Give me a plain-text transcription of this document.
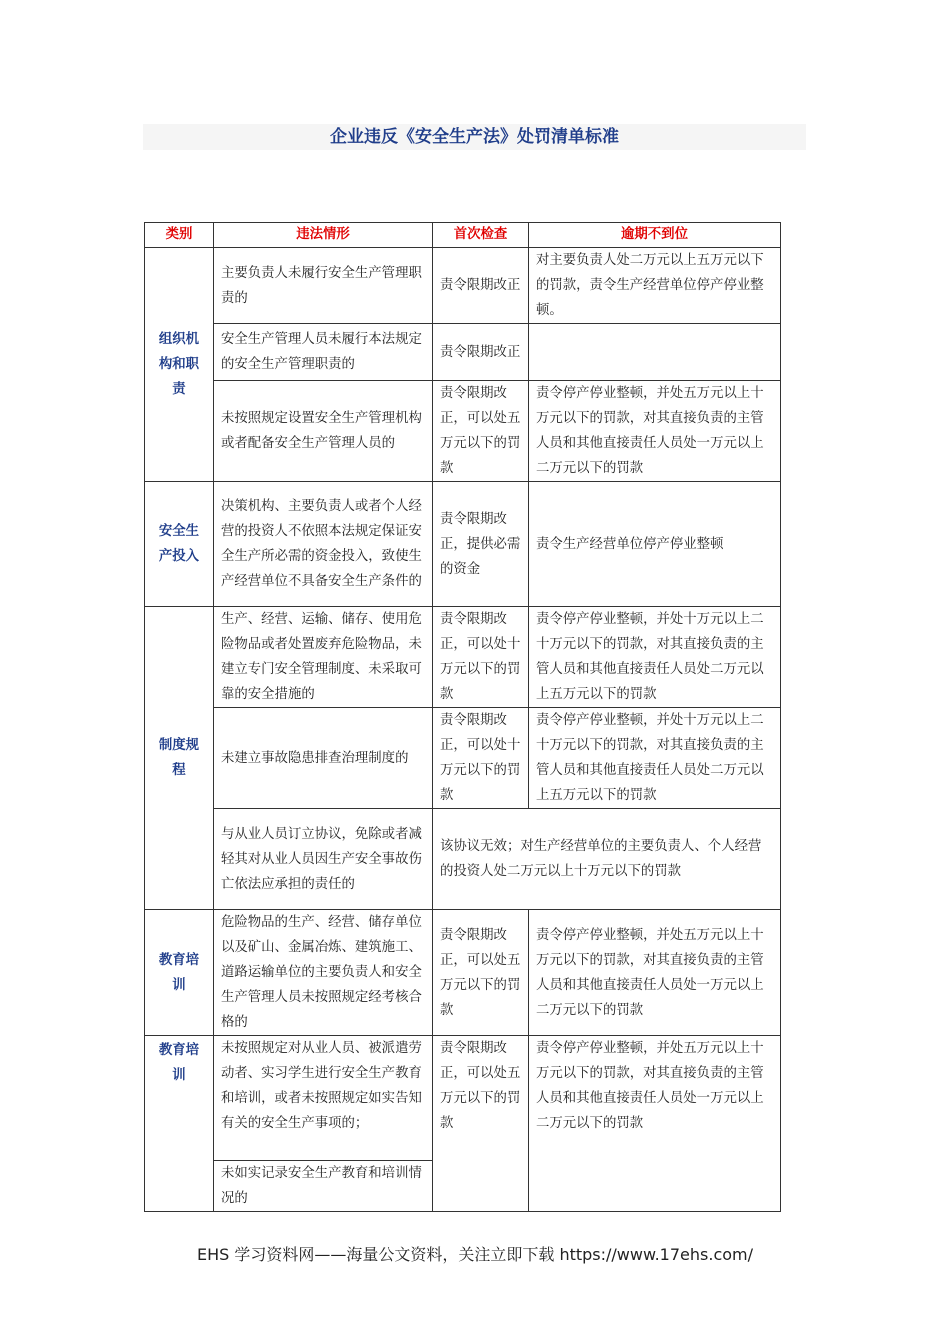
企业违反《安全生产法》处罚清单标准
类别	违法情形	首次检查	逾期不到位
组织机构和职责	主要负责人未履行安全生产管理职责的	责令限期改正	对主要负责人处二万元以上五万元以下的罚款，责令生产经营单位停产停业整顿。
	安全生产管理人员未履行本法规定的安全生产管理职责的	责令限期改正	
	未按照规定设置安全生产管理机构或者配备安全生产管理人员的	责令限期改正，可以处五万元以下的罚款	责令停产停业整顿，并处五万元以上十万元以下的罚款，对其直接负责的主管人员和其他直接责任人员处一万元以上二万元以下的罚款
安全生产投入	决策机构、主要负责人或者个人经营的投资人不依照本法规定保证安全生产所必需的资金投入，致使生产经营单位不具备安全生产条件的	责令限期改正，提供必需的资金	责令生产经营单位停产停业整顿
制度规程	生产、经营、运输、储存、使用危险物品或者处置废弃危险物品，未建立专门安全管理制度、未采取可靠的安全措施的	责令限期改正，可以处十万元以下的罚款	责令停产停业整顿，并处十万元以上二十万元以下的罚款，对其直接负责的主管人员和其他直接责任人员处二万元以上五万元以下的罚款
	未建立事故隐患排查治理制度的	责令限期改正，可以处十万元以下的罚款	责令停产停业整顿，并处十万元以上二十万元以下的罚款，对其直接负责的主管人员和其他直接责任人员处二万元以上五万元以下的罚款
	与从业人员订立协议，免除或者减轻其对从业人员因生产安全事故伤亡依法应承担的责任的	该协议无效；对生产经营单位的主要负责人、个人经营的投资人处二万元以上十万元以下的罚款	
教育培训	危险物品的生产、经营、储存单位以及矿山、金属冶炼、建筑施工、道路运输单位的主要负责人和安全生产管理人员未按照规定经考核合格的	责令限期改正，可以处五万元以下的罚款	责令停产停业整顿，并处五万元以上十万元以下的罚款，对其直接负责的主管人员和其他直接责任人员处一万元以上二万元以下的罚款
教育培训	未按照规定对从业人员、被派遣劳动者、实习学生进行安全生产教育和培训，或者未按照规定如实告知有关的安全生产事项的；	责令限期改正，可以处五万元以下的罚款	责令停产停业整顿，并处五万元以上十万元以下的罚款，对其直接负责的主管人员和其他直接责任人员处一万元以上二万元以下的罚款
	未如实记录安全生产教育和培训情况的		
EHS 学习资料网——海量公文资料，关注立即下载 https://www.17ehs.com/
